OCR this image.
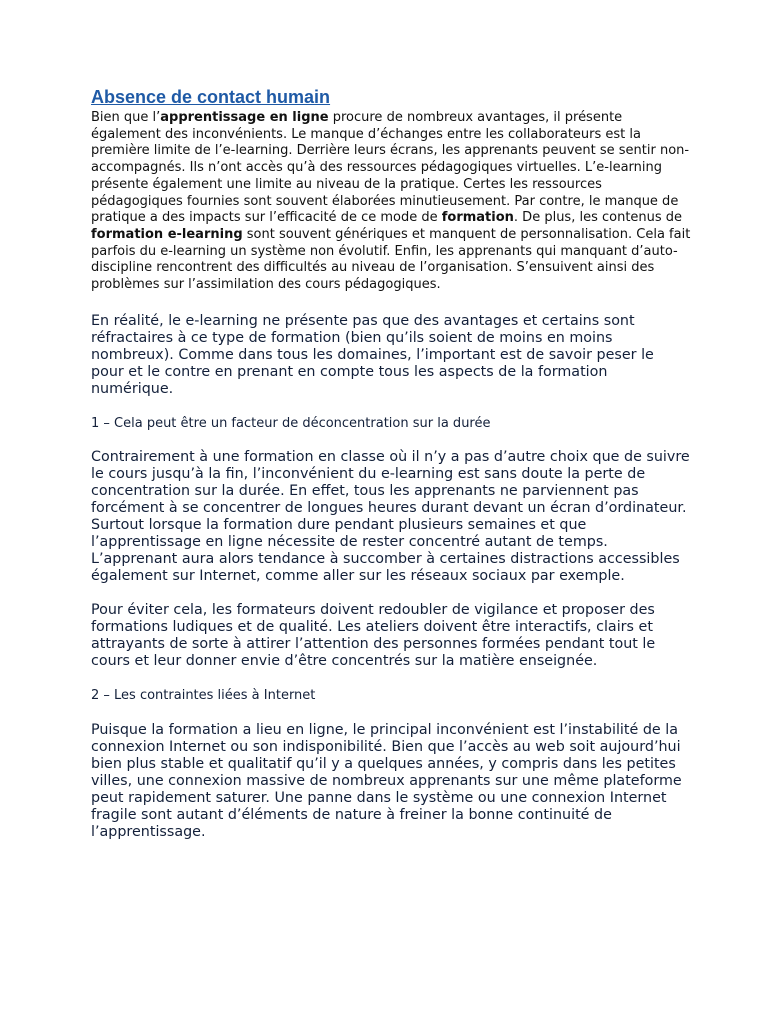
Absence de contact humain

Bien que l’apprentissage en ligne procure de nombreux avantages, il présente également des inconvénients. Le manque d’échanges entre les collaborateurs est la première limite de l’e-learning. Derrière leurs écrans, les apprenants peuvent se sentir non-accompagnés. Ils n’ont accès qu’à des ressources pédagogiques virtuelles. L’e-learning présente également une limite au niveau de la pratique. Certes les ressources pédagogiques fournies sont souvent élaborées minutieusement. Par contre, le manque de pratique a des impacts sur l’efficacité de ce mode de formation. De plus, les contenus de formation e-learning sont souvent génériques et manquent de personnalisation. Cela fait parfois du e-learning un système non évolutif. Enfin, les apprenants qui manquant d’auto-discipline rencontrent des difficultés au niveau de l’organisation. S’ensuivent ainsi des problèmes sur l’assimilation des cours pédagogiques.

En réalité, le e-learning ne présente pas que des avantages et certains sont réfractaires à ce type de formation (bien qu’ils soient de moins en moins nombreux). Comme dans tous les domaines, l’important est de savoir peser le pour et le contre en prenant en compte tous les aspects de la formation numérique.

1 – Cela peut être un facteur de déconcentration sur la durée

Contrairement à une formation en classe où il n’y a pas d’autre choix que de suivre le cours jusqu’à la fin, l’inconvénient du e-learning est sans doute la perte de concentration sur la durée. En effet, tous les apprenants ne parviennent pas forcément à se concentrer de longues heures durant devant un écran d’ordinateur. Surtout lorsque la formation dure pendant plusieurs semaines et que l’apprentissage en ligne nécessite de rester concentré autant de temps. L’apprenant aura alors tendance à succomber à certaines distractions accessibles également sur Internet, comme aller sur les réseaux sociaux par exemple.

Pour éviter cela, les formateurs doivent redoubler de vigilance et proposer des formations ludiques et de qualité. Les ateliers doivent être interactifs, clairs et attrayants de sorte à attirer l’attention des personnes formées pendant tout le cours et leur donner envie d’être concentrés sur la matière enseignée.

2 – Les contraintes liées à Internet

Puisque la formation a lieu en ligne, le principal inconvénient est l’instabilité de la connexion Internet ou son indisponibilité. Bien que l’accès au web soit aujourd’hui bien plus stable et qualitatif qu’il y a quelques années, y compris dans les petites villes, une connexion massive de nombreux apprenants sur une même plateforme peut rapidement saturer. Une panne dans le système ou une connexion Internet fragile sont autant d’éléments de nature à freiner la bonne continuité de l’apprentissage.
